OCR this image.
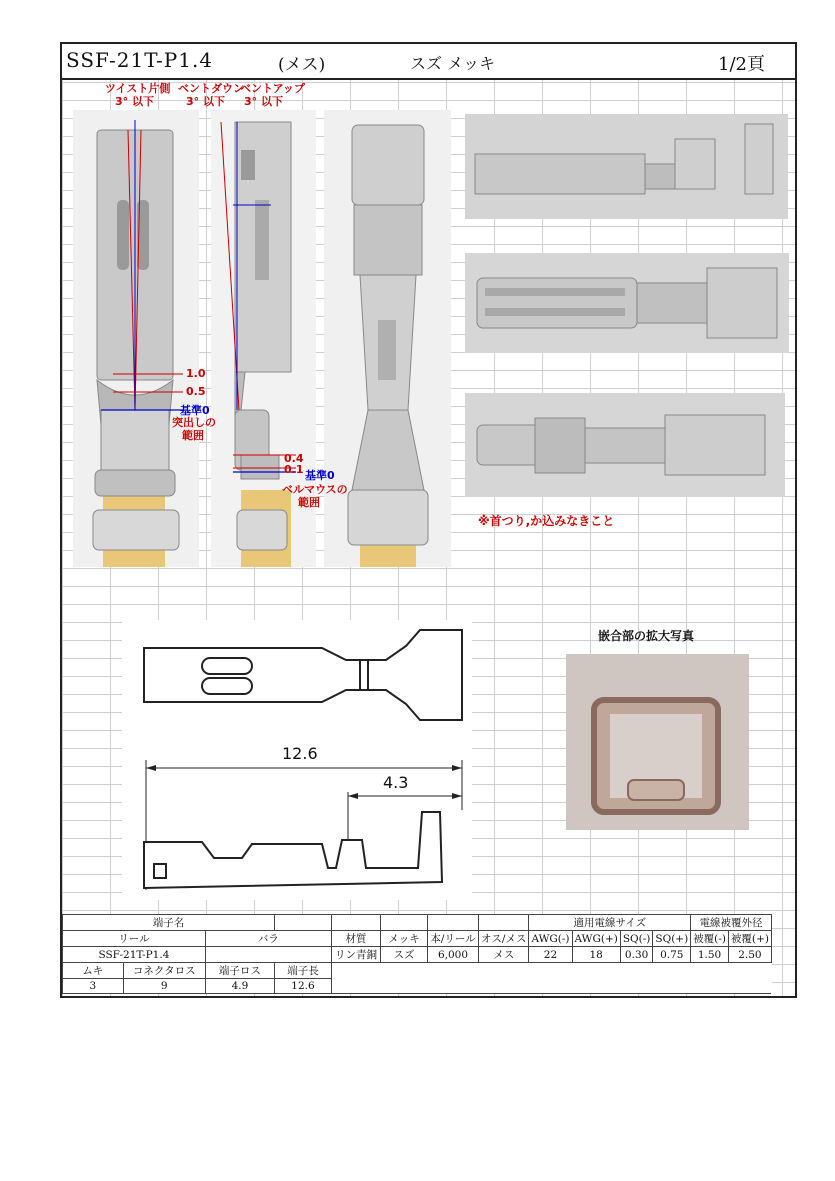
SSF-21T-P1.4	(メス)	スズ メッキ	1/2頁
ツイスト片側
3° 以下
ベントダウン
3° 以下
ベントアップ
3° 以下
1.0
0.5
基準0
突出しの
範囲
0.4
0.1 基準0
ベルマウスの
範囲
※首つり,か込みなきこと
12.6
4.3
嵌合部の拡大写真
端子名								適用電線サイズ				電線被覆外径	
リール		バラ		材質	メッキ	本/リール	オス/メス	AWG(-)	AWG(+)	SQ(-)	SQ(+)	被覆(-)	被覆(+)
SSF-21T-P1.4				リン青銅	スズ	6,000	メス	22	18	0.30	0.75	1.50	2.50
ムキ	コネクタロス	端子ロス	端子長										
3	9	4.9	12.6										
